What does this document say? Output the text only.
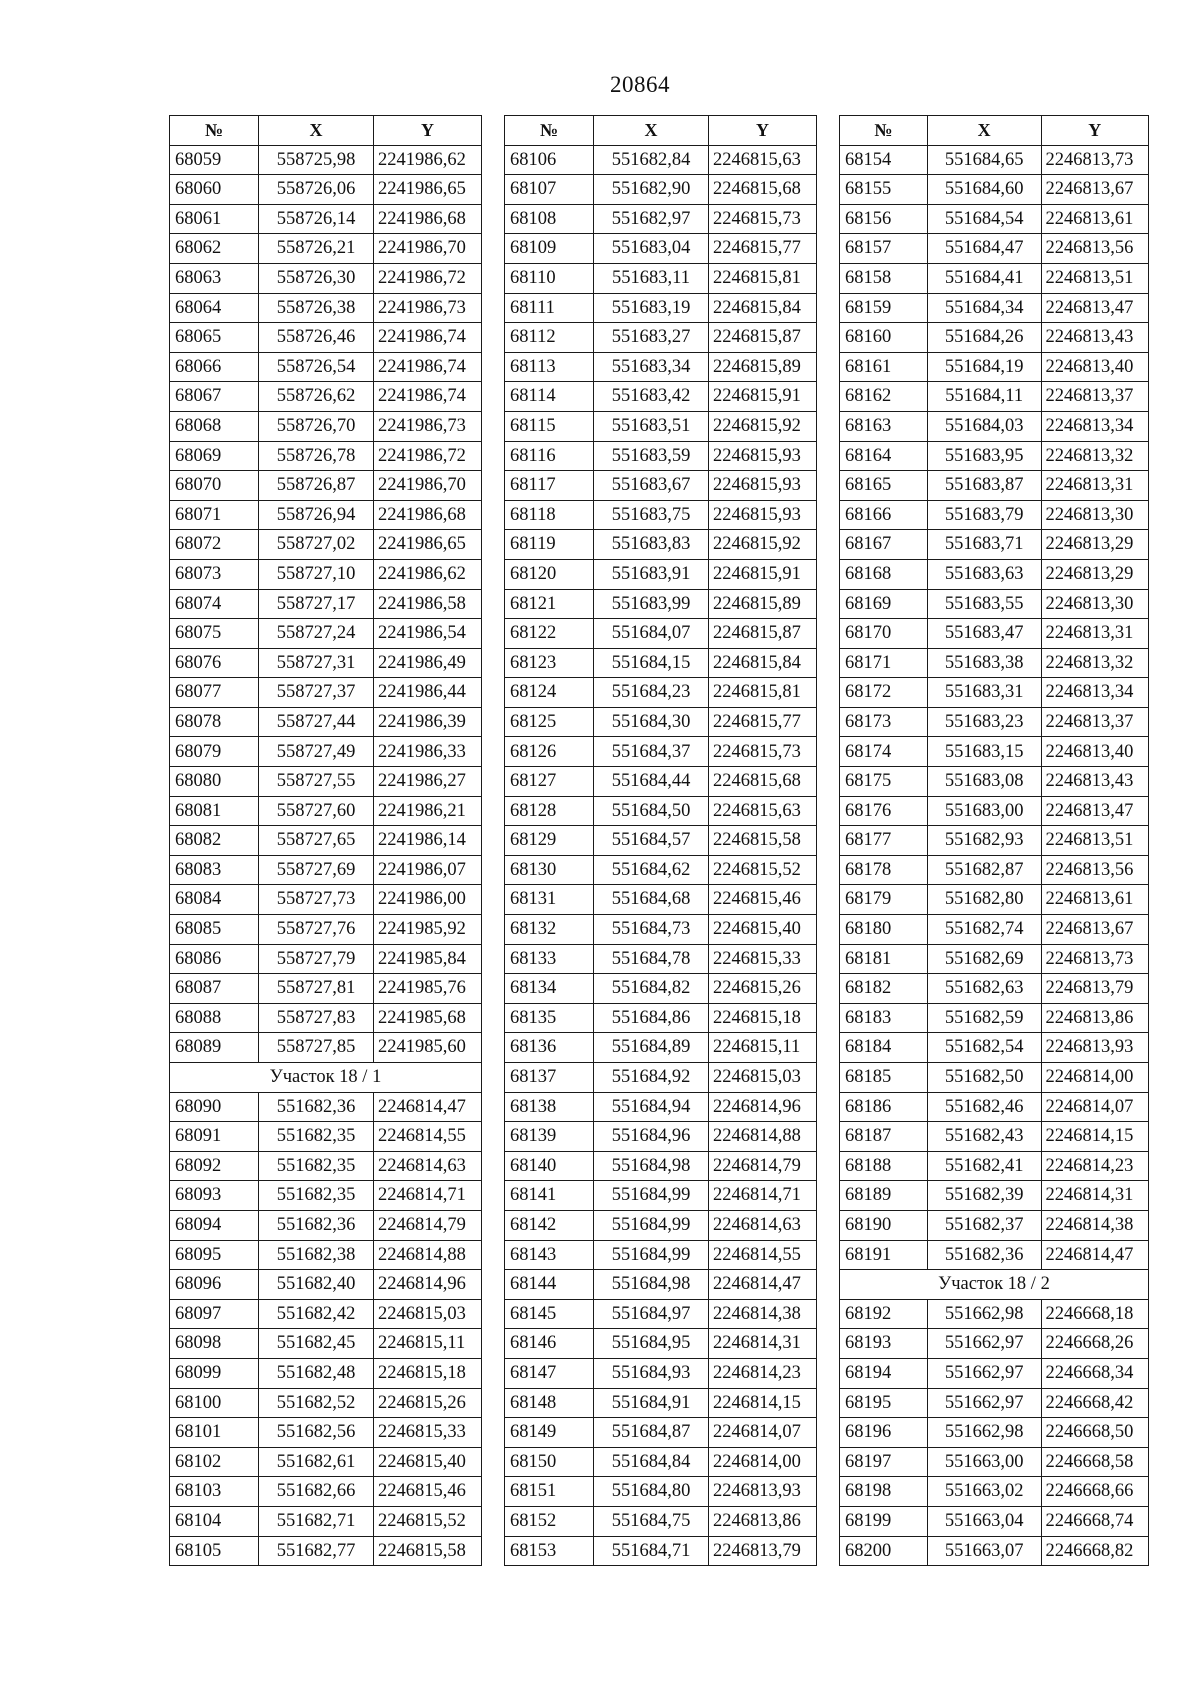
20864
№	X	Y
68059	558725,98	2241986,62
68060	558726,06	2241986,65
68061	558726,14	2241986,68
68062	558726,21	2241986,70
68063	558726,30	2241986,72
68064	558726,38	2241986,73
68065	558726,46	2241986,74
68066	558726,54	2241986,74
68067	558726,62	2241986,74
68068	558726,70	2241986,73
68069	558726,78	2241986,72
68070	558726,87	2241986,70
68071	558726,94	2241986,68
68072	558727,02	2241986,65
68073	558727,10	2241986,62
68074	558727,17	2241986,58
68075	558727,24	2241986,54
68076	558727,31	2241986,49
68077	558727,37	2241986,44
68078	558727,44	2241986,39
68079	558727,49	2241986,33
68080	558727,55	2241986,27
68081	558727,60	2241986,21
68082	558727,65	2241986,14
68083	558727,69	2241986,07
68084	558727,73	2241986,00
68085	558727,76	2241985,92
68086	558727,79	2241985,84
68087	558727,81	2241985,76
68088	558727,83	2241985,68
68089	558727,85	2241985,60
Участок 18 / 1		
68090	551682,36	2246814,47
68091	551682,35	2246814,55
68092	551682,35	2246814,63
68093	551682,35	2246814,71
68094	551682,36	2246814,79
68095	551682,38	2246814,88
68096	551682,40	2246814,96
68097	551682,42	2246815,03
68098	551682,45	2246815,11
68099	551682,48	2246815,18
68100	551682,52	2246815,26
68101	551682,56	2246815,33
68102	551682,61	2246815,40
68103	551682,66	2246815,46
68104	551682,71	2246815,52
68105	551682,77	2246815,58
№	X	Y
68106	551682,84	2246815,63
68107	551682,90	2246815,68
68108	551682,97	2246815,73
68109	551683,04	2246815,77
68110	551683,11	2246815,81
68111	551683,19	2246815,84
68112	551683,27	2246815,87
68113	551683,34	2246815,89
68114	551683,42	2246815,91
68115	551683,51	2246815,92
68116	551683,59	2246815,93
68117	551683,67	2246815,93
68118	551683,75	2246815,93
68119	551683,83	2246815,92
68120	551683,91	2246815,91
68121	551683,99	2246815,89
68122	551684,07	2246815,87
68123	551684,15	2246815,84
68124	551684,23	2246815,81
68125	551684,30	2246815,77
68126	551684,37	2246815,73
68127	551684,44	2246815,68
68128	551684,50	2246815,63
68129	551684,57	2246815,58
68130	551684,62	2246815,52
68131	551684,68	2246815,46
68132	551684,73	2246815,40
68133	551684,78	2246815,33
68134	551684,82	2246815,26
68135	551684,86	2246815,18
68136	551684,89	2246815,11
68137	551684,92	2246815,03
68138	551684,94	2246814,96
68139	551684,96	2246814,88
68140	551684,98	2246814,79
68141	551684,99	2246814,71
68142	551684,99	2246814,63
68143	551684,99	2246814,55
68144	551684,98	2246814,47
68145	551684,97	2246814,38
68146	551684,95	2246814,31
68147	551684,93	2246814,23
68148	551684,91	2246814,15
68149	551684,87	2246814,07
68150	551684,84	2246814,00
68151	551684,80	2246813,93
68152	551684,75	2246813,86
68153	551684,71	2246813,79
№	X	Y
68154	551684,65	2246813,73
68155	551684,60	2246813,67
68156	551684,54	2246813,61
68157	551684,47	2246813,56
68158	551684,41	2246813,51
68159	551684,34	2246813,47
68160	551684,26	2246813,43
68161	551684,19	2246813,40
68162	551684,11	2246813,37
68163	551684,03	2246813,34
68164	551683,95	2246813,32
68165	551683,87	2246813,31
68166	551683,79	2246813,30
68167	551683,71	2246813,29
68168	551683,63	2246813,29
68169	551683,55	2246813,30
68170	551683,47	2246813,31
68171	551683,38	2246813,32
68172	551683,31	2246813,34
68173	551683,23	2246813,37
68174	551683,15	2246813,40
68175	551683,08	2246813,43
68176	551683,00	2246813,47
68177	551682,93	2246813,51
68178	551682,87	2246813,56
68179	551682,80	2246813,61
68180	551682,74	2246813,67
68181	551682,69	2246813,73
68182	551682,63	2246813,79
68183	551682,59	2246813,86
68184	551682,54	2246813,93
68185	551682,50	2246814,00
68186	551682,46	2246814,07
68187	551682,43	2246814,15
68188	551682,41	2246814,23
68189	551682,39	2246814,31
68190	551682,37	2246814,38
68191	551682,36	2246814,47
Участок 18 / 2		
68192	551662,98	2246668,18
68193	551662,97	2246668,26
68194	551662,97	2246668,34
68195	551662,97	2246668,42
68196	551662,98	2246668,50
68197	551663,00	2246668,58
68198	551663,02	2246668,66
68199	551663,04	2246668,74
68200	551663,07	2246668,82
